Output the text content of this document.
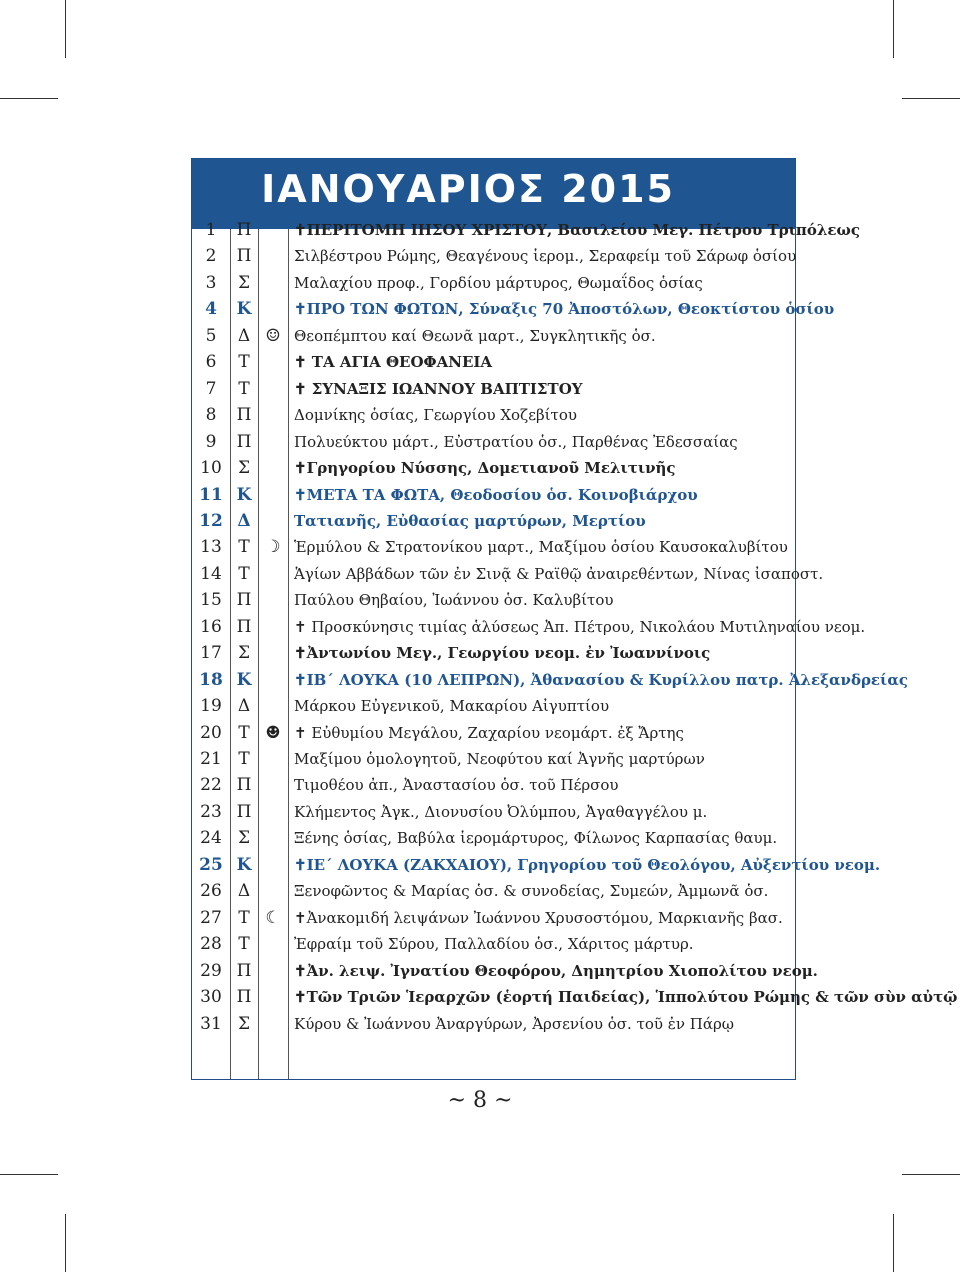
ΙΑΝΟΥΑΡΙΟΣ 2015
1	Π	✝ΠΕΡΙΤΟΜΗ ΙΗΣΟΥ ΧΡΙΣΤΟΥ, Βασιλείου Μεγ. Πέτρου Τριπόλεως
2	Π	Σιλβέστρου Ρώμης, Θεαγένους ἱερομ., Σεραφείμ τοῦ Σάρωφ ὁσίου
3	Σ	Μαλαχίου προφ., Γορδίου μάρτυρος, Θωμαΐδος ὁσίας
4	Κ	✝ΠΡΟ ΤΩΝ ΦΩΤΩΝ, Σύναξις 70 Ἀποστόλων, Θεοκτίστου ὁσίου
5	Δ ☺ Θεοπέμπτου καί Θεωνᾶ μαρτ., Συγκλητικῆς ὁσ.
6	Τ	✝ ΤΑ ΑΓΙΑ ΘΕΟΦΑΝΕΙΑ
7	Τ	✝ ΣΥΝΑΞΙΣ ΙΩΑΝΝΟΥ ΒΑΠΤΙΣΤΟΥ
8	Π	Δομνίκης ὁσίας, Γεωργίου Χοζεβίτου
9	Π	Πολυεύκτου μάρτ., Εὐστρατίου ὁσ., Παρθένας Ἐδεσσαίας
10 Σ	✝Γρηγορίου Νύσσης, Δομετιανοῦ Μελιτινῆς
11 Κ	✝ΜΕΤΑ ΤΑ ΦΩΤΑ, Θεοδοσίου ὁσ. Κοινοβιάρχου
12 Δ	Τατιανῆς, Εὐθασίας μαρτύρων, Μερτίου
13 Τ ☽ Ἑρμύλου & Στρατονίκου μαρτ., Μαξίμου ὁσίου Καυσοκαλυβίτου
14 Τ	Ἁγίων Αββάδων τῶν ἐν Σινᾷ & Ραϊθῷ ἀναιρεθέντων, Νίνας ἰσαποστ.
15 Π	Παύλου Θηβαίου, Ἰωάννου ὁσ. Καλυβίτου
16 Π	✝ Προσκύνησις τιμίας ἁλύσεως Ἀπ. Πέτρου, Νικολάου Μυτιληναίου νεομ.
17 Σ	✝Ἀντωνίου Μεγ., Γεωργίου νεομ. ἐν Ἰωαννίνοις
18 Κ	✝ΙΒ΄ ΛΟΥΚΑ (10 ΛΕΠΡΩΝ), Ἀθανασίου & Κυρίλλου πατρ. Ἀλεξανδρείας
19 Δ	Μάρκου Εὐγενικοῦ, Μακαρίου Αἰγυπτίου
20 Τ ☻ ✝ Εὐθυμίου Μεγάλου, Ζαχαρίου νεομάρτ. ἐξ Ἄρτης
21 Τ	Μαξίμου ὁμολογητοῦ, Νεοφύτου καί Ἀγνῆς μαρτύρων
22 Π	Τιμοθέου ἀπ., Ἀναστασίου ὁσ. τοῦ Πέρσου
23 Π	Κλήμεντος Ἀγκ., Διονυσίου Ὀλύμπου, Ἀγαθαγγέλου μ.
24 Σ	Ξένης ὁσίας, Βαβύλα ἱερομάρτυρος, Φίλωνος Καρπασίας θαυμ.
25 Κ	✝ΙΕ΄ ΛΟΥΚΑ (ΖΑΚΧΑΙΟΥ), Γρηγορίου τοῦ Θεολόγου, Αὐξεντίου νεομ.
26 Δ	Ξενοφῶντος & Μαρίας ὁσ. & συνοδείας, Συμεών, Ἀμμωνᾶ ὁσ.
27 Τ ☾ ✝Ἀνακομιδή λειψάνων Ἰωάννου Χρυσοστόμου, Μαρκιανῆς βασ.
28 Τ	Ἐφραίμ τοῦ Σύρου, Παλλαδίου ὁσ., Χάριτος μάρτυρ.
29 Π	✝Ἀν. λειψ. Ἰγνατίου Θεοφόρου, Δημητρίου Χιοπολίτου νεομ.
30 Π	✝Τῶν Τριῶν Ἱεραρχῶν (ἑορτή Παιδείας), Ἱππολύτου Ρώμης & τῶν σὺν αὐτῷ
31 Σ	Κύρου & Ἰωάννου Ἀναργύρων, Ἀρσενίου ὁσ. τοῦ ἐν Πάρῳ
~ 8 ~
